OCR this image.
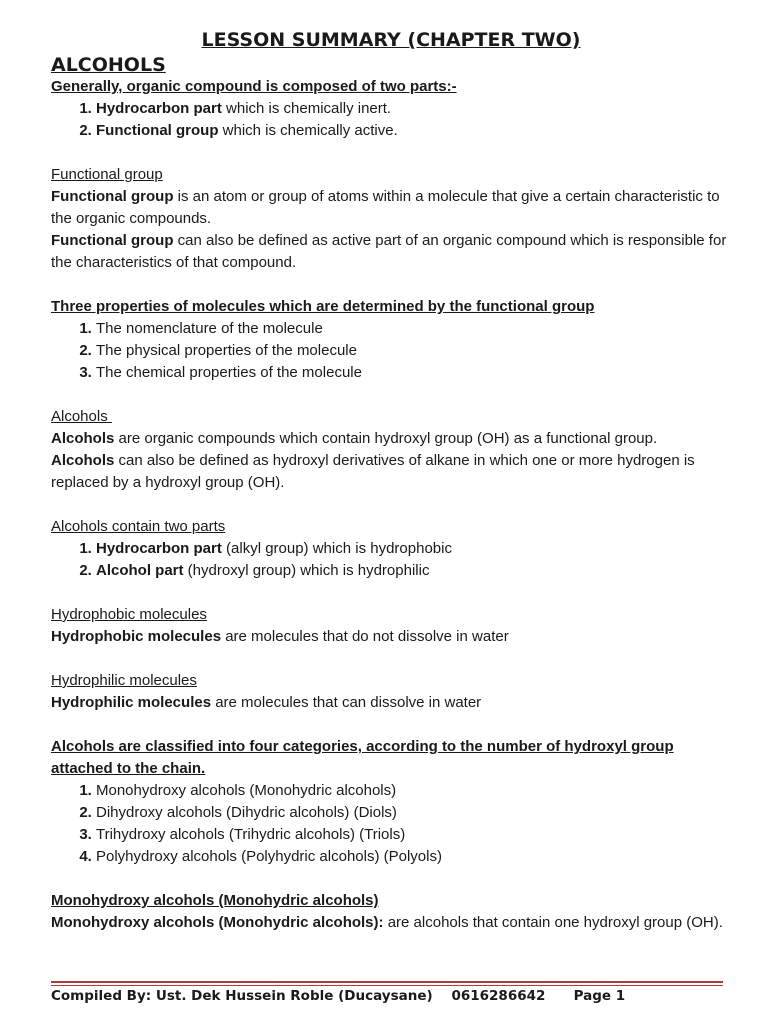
LESSON SUMMARY (CHAPTER TWO)
ALCOHOLS
Generally, organic compound is composed of two parts:-
1. Hydrocarbon part which is chemically inert.
2. Functional group which is chemically active.
Functional group

Functional group is an atom or group of atoms within a molecule that give a certain characteristic to the organic compounds.

Functional group can also be defined as active part of an organic compound which is responsible for the characteristics of that compound.

Three properties of molecules which are determined by the functional group
1. The nomenclature of the molecule
2. The physical properties of the molecule
3. The chemical properties of the molecule
Alcohols

Alcohols are organic compounds which contain hydroxyl group (OH) as a functional group.

Alcohols can also be defined as hydroxyl derivatives of alkane in which one or more hydrogen is replaced by a hydroxyl group (OH).

Alcohols contain two parts
1. Hydrocarbon part (alkyl group) which is hydrophobic
2. Alcohol part (hydroxyl group) which is hydrophilic
Hydrophobic molecules

Hydrophobic molecules are molecules that do not dissolve in water

Hydrophilic molecules

Hydrophilic molecules are molecules that can dissolve in water

Alcohols are classified into four categories, according to the number of hydroxyl group attached to the chain.
1. Monohydroxy alcohols (Monohydric alcohols)
2. Dihydroxy alcohols (Dihydric alcohols) (Diols)
3. Trihydroxy alcohols (Trihydric alcohols) (Triols)
4. Polyhydroxy alcohols (Polyhydric alcohols) (Polyols)
Monohydroxy alcohols (Monohydric alcohols)

Monohydroxy alcohols (Monohydric alcohols): are alcohols that contain one hydroxyl group (OH).

Compiled By: Ust. Dek Hussein Roble (Ducaysane) 0616286642 Page 1
